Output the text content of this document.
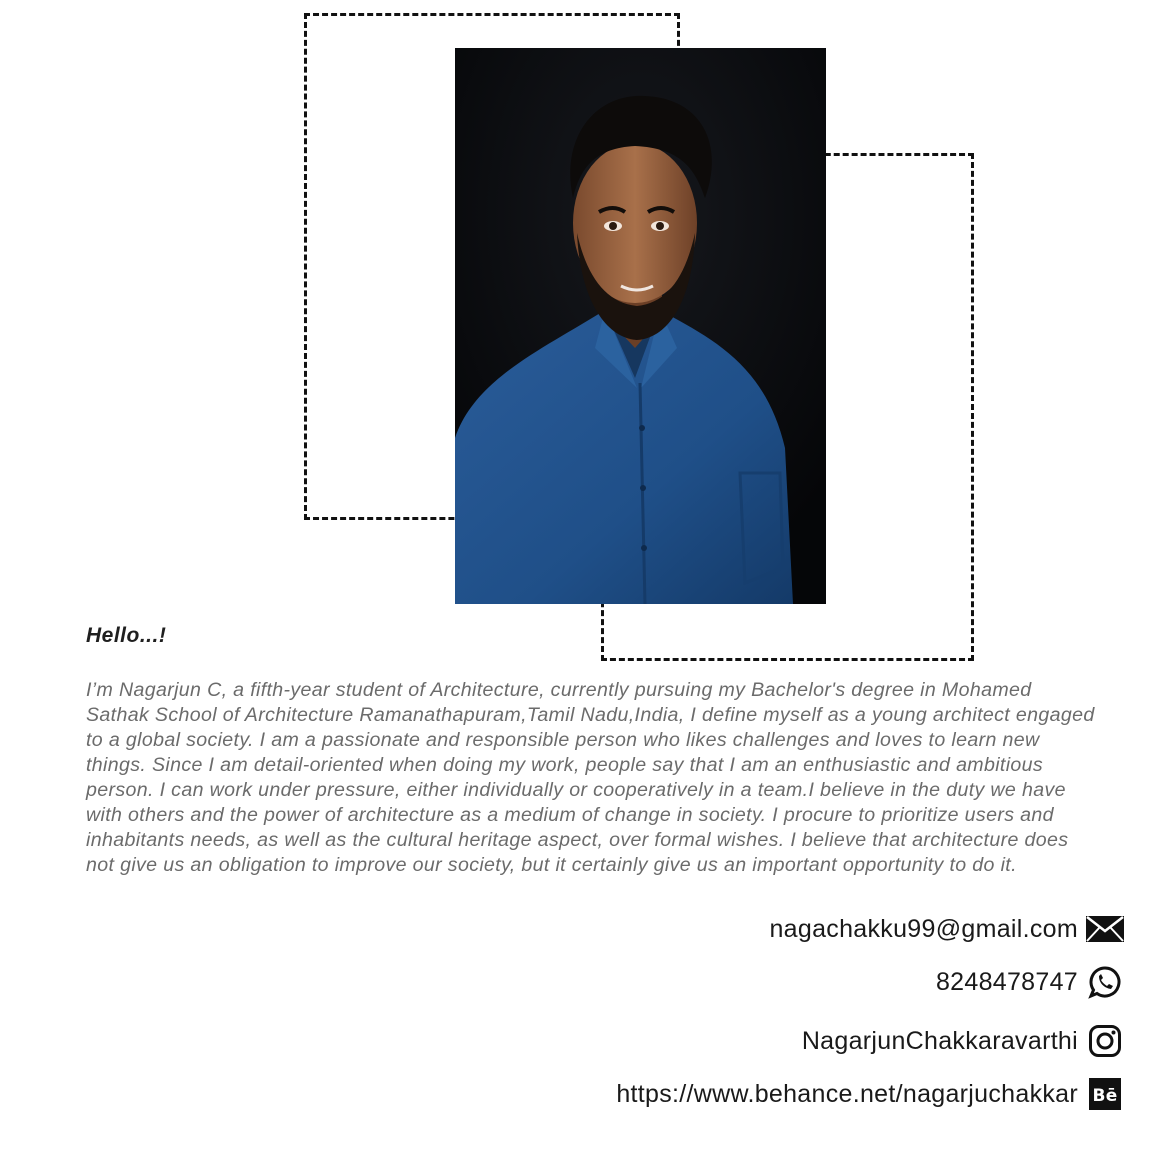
Hello...!

I’m Nagarjun C, a fifth-year student of Architecture, currently pursuing my Bachelor's degree in Mohamed Sathak School of Architecture Ramanathapuram,Tamil Nadu,India, I define myself as a young architect engaged to a global society. I am a passionate and responsible person who likes challenges and loves to learn new things. Since I am detail-oriented when doing my work, people say that I am an enthusiastic and ambitious person. I can work under pressure, either individually or cooperatively in a team.I believe in the duty we have with others and the power of architecture as a medium of change in society. I procure to prioritize users and inhabitants needs, as well as the cultural heritage aspect, over formal wishes. I believe that architecture does not give us an obligation to improve our society, but it certainly give us an important opportunity to do it.

nagachakku99@gmail.com
8248478747
NagarjunChakkaravarthi
https://www.behance.net/nagarjuchakkar Bē
